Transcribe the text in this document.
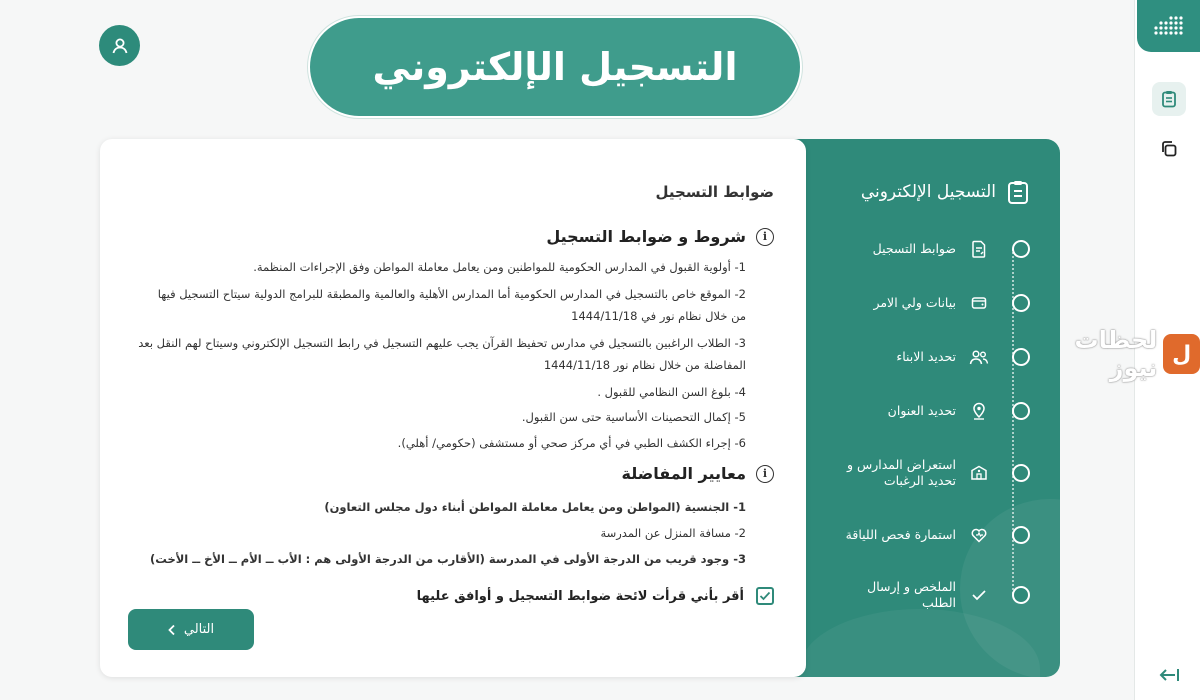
التسجيل الإلكتروني
التسجيل الإلكتروني
ضوابط التسجيل
بيانات ولي الامر
تحديد الابناء
تحديد العنوان
استعراض المدارس و تحديد الرغبات
استمارة فحص اللياقة
الملخص و إرسال الطلب
ضوابط التسجيل
i
شروط و ضوابط التسجيل
1- أولوية القبول في المدارس الحكومية للمواطنين ومن يعامل معاملة المواطن وفق الإجراءات المنظمة.
2- الموقع خاص بالتسجيل في المدارس الحكومية أما المدارس الأهلية والعالمية والمطبقة للبرامج الدولية سيتاح التسجيل فيها
من خلال نظام نور في 1444/11/18
3- الطلاب الراغبين بالتسجيل في مدارس تحفيظ القرآن يجب عليهم التسجيل في رابط التسجيل الإلكتروني وسيتاح لهم النقل بعد
المفاضلة من خلال نظام نور 1444/11/18
4- بلوغ السن النظامي للقبول .
5- إكمال التحصينات الأساسية حتى سن القبول.
6- إجراء الكشف الطبي في أي مركز صحي أو مستشفى (حكومي/ أهلي).
i
معايير المفاضلة
1- الجنسية (المواطن ومن يعامل معاملة المواطن أبناء دول مجلس التعاون)
2- مسافة المنزل عن المدرسة
3- وجود قريب من الدرجة الأولى في المدرسة (الأقارب من الدرجة الأولى هم : الأب ــ الأم ــ الأخ ــ الأخت)
أقر بأني قرأت لائحة ضوابط التسجيل و أوافق عليها
التالي
لحظات نيوز ل
